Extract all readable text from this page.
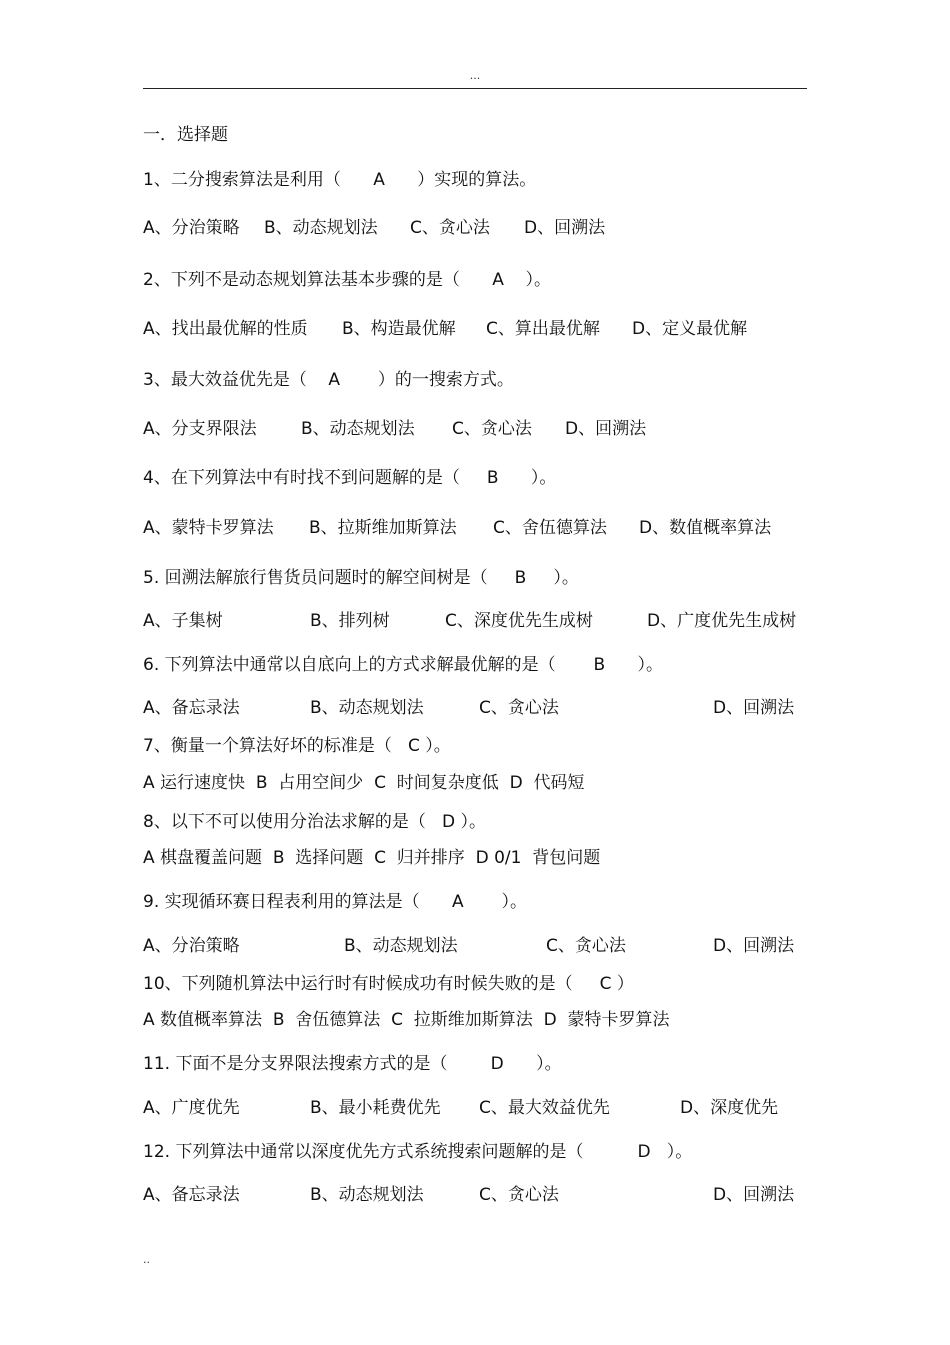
...
一．选择题
1、二分搜索算法是利用（      A      ）实现的算法。

A、分治策略

B、动态规划法

C、贪心法

D、回溯法

2、下列不是动态规划算法基本步骤的是（      A    ）。

A、找出最优解的性质

B、构造最优解

C、算出最优解

D、定义最优解

3、最大效益优先是（    A       ）的一搜索方式。

A、分支界限法

	B、动态规划法

C、贪心法

D、回溯法

4、在下列算法中有时找不到问题解的是（     B      ）。

A、蒙特卡罗算法

B、拉斯维加斯算法

C、舍伍德算法

D、数值概率算法

5. 回溯法解旅行售货员问题时的解空间树是（     B     ）。

A、子集树

	B、排列树

	C、深度优先生成树

	D、广度优先生成树

6. 下列算法中通常以自底向上的方式求解最优解的是（       B      ）。

A、备忘录法

	B、动态规划法

	C、贪心法

	D、回溯法

7、衡量一个算法好坏的标准是（   C ）。
A 运行速度快  B  占用空间少  C  时间复杂度低  D  代码短
8、以下不可以使用分治法求解的是（   D ）。
A 棋盘覆盖问题  B  选择问题  C  归并排序  D 0/1  背包问题
9. 实现循环赛日程表利用的算法是（      A       ）。

A、分治策略

	B、动态规划法

	C、贪心法

	D、回溯法

10、下列随机算法中运行时有时候成功有时候失败的是（     C ）
A 数值概率算法  B  舍伍德算法  C  拉斯维加斯算法  D  蒙特卡罗算法
11. 下面不是分支界限法搜索方式的是（        D      ）。

A、广度优先

	B、最小耗费优先

C、最大效益优先

	D、深度优先

12. 下列算法中通常以深度优先方式系统搜索问题解的是（          D   ）。

A、备忘录法

	B、动态规划法

	C、贪心法

	D、回溯法

..
